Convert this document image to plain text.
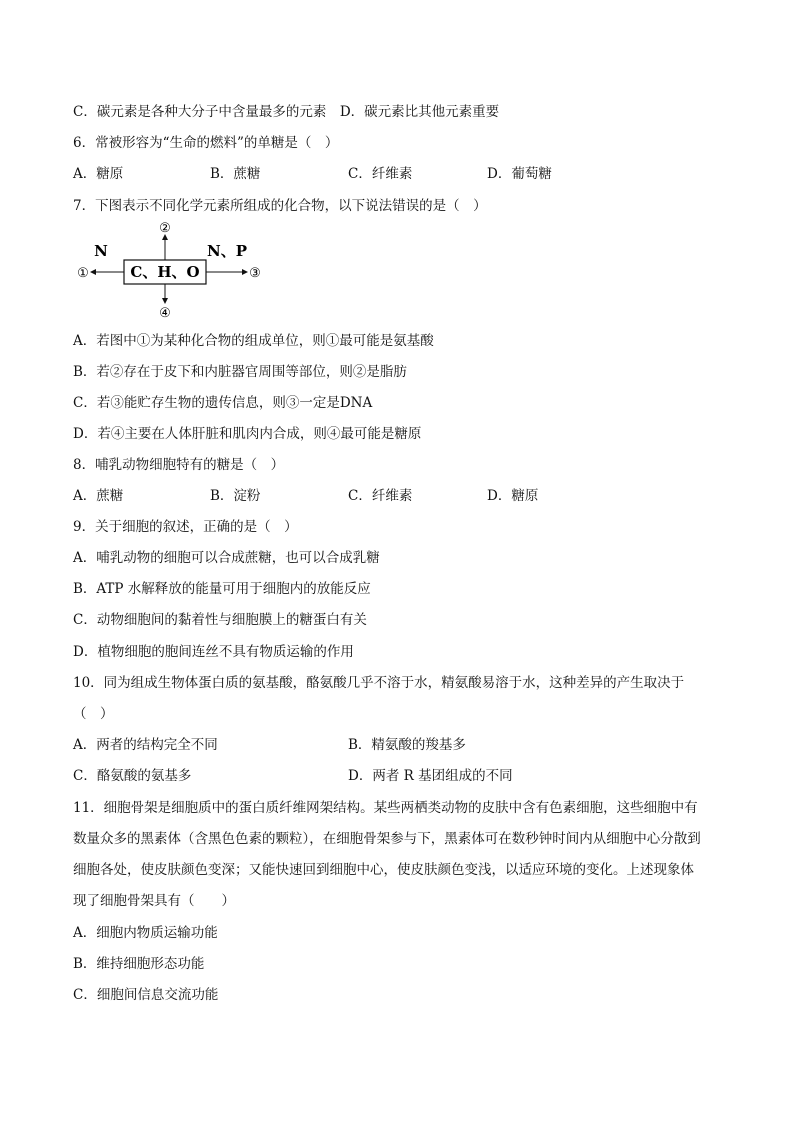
C．碳元素是各种大分子中含量最多的元素　D．碳元素比其他元素重要
6．常被形容为“生命的燃料”的单糖是（　）
A．糖原	B．蔗糖	C．纤维素	D．葡萄糖
7．下图表示不同化学元素所组成的化合物，以下说法错误的是（　）
C、H、O
②
④
①
N
③
N、P
A．若图中①为某种化合物的组成单位，则①最可能是氨基酸
B．若②存在于皮下和内脏器官周围等部位，则②是脂肪
C．若③能贮存生物的遗传信息，则③一定是DNA
D．若④主要在人体肝脏和肌肉内合成，则④最可能是糖原
8．哺乳动物细胞特有的糖是（　）
A．蔗糖	B．淀粉	C．纤维素	D．糖原
9．关于细胞的叙述，正确的是（　）
A．哺乳动物的细胞可以合成蔗糖，也可以合成乳糖
B．ATP 水解释放的能量可用于细胞内的放能反应
C．动物细胞间的黏着性与细胞膜上的糖蛋白有关
D．植物细胞的胞间连丝不具有物质运输的作用
10．同为组成生物体蛋白质的氨基酸，酪氨酸几乎不溶于水，精氨酸易溶于水，这种差异的产生取决于
（　）
A．两者的结构完全不同	B．精氨酸的羧基多
C．酪氨酸的氨基多	D．两者 R 基团组成的不同
11．细胞骨架是细胞质中的蛋白质纤维网架结构。某些两栖类动物的皮肤中含有色素细胞，这些细胞中有
数量众多的黑素体（含黑色色素的颗粒），在细胞骨架参与下，黑素体可在数秒钟时间内从细胞中心分散到
细胞各处，使皮肤颜色变深；又能快速回到细胞中心，使皮肤颜色变浅，以适应环境的变化。上述现象体
现了细胞骨架具有（　　）
A．细胞内物质运输功能
B．维持细胞形态功能
C．细胞间信息交流功能
